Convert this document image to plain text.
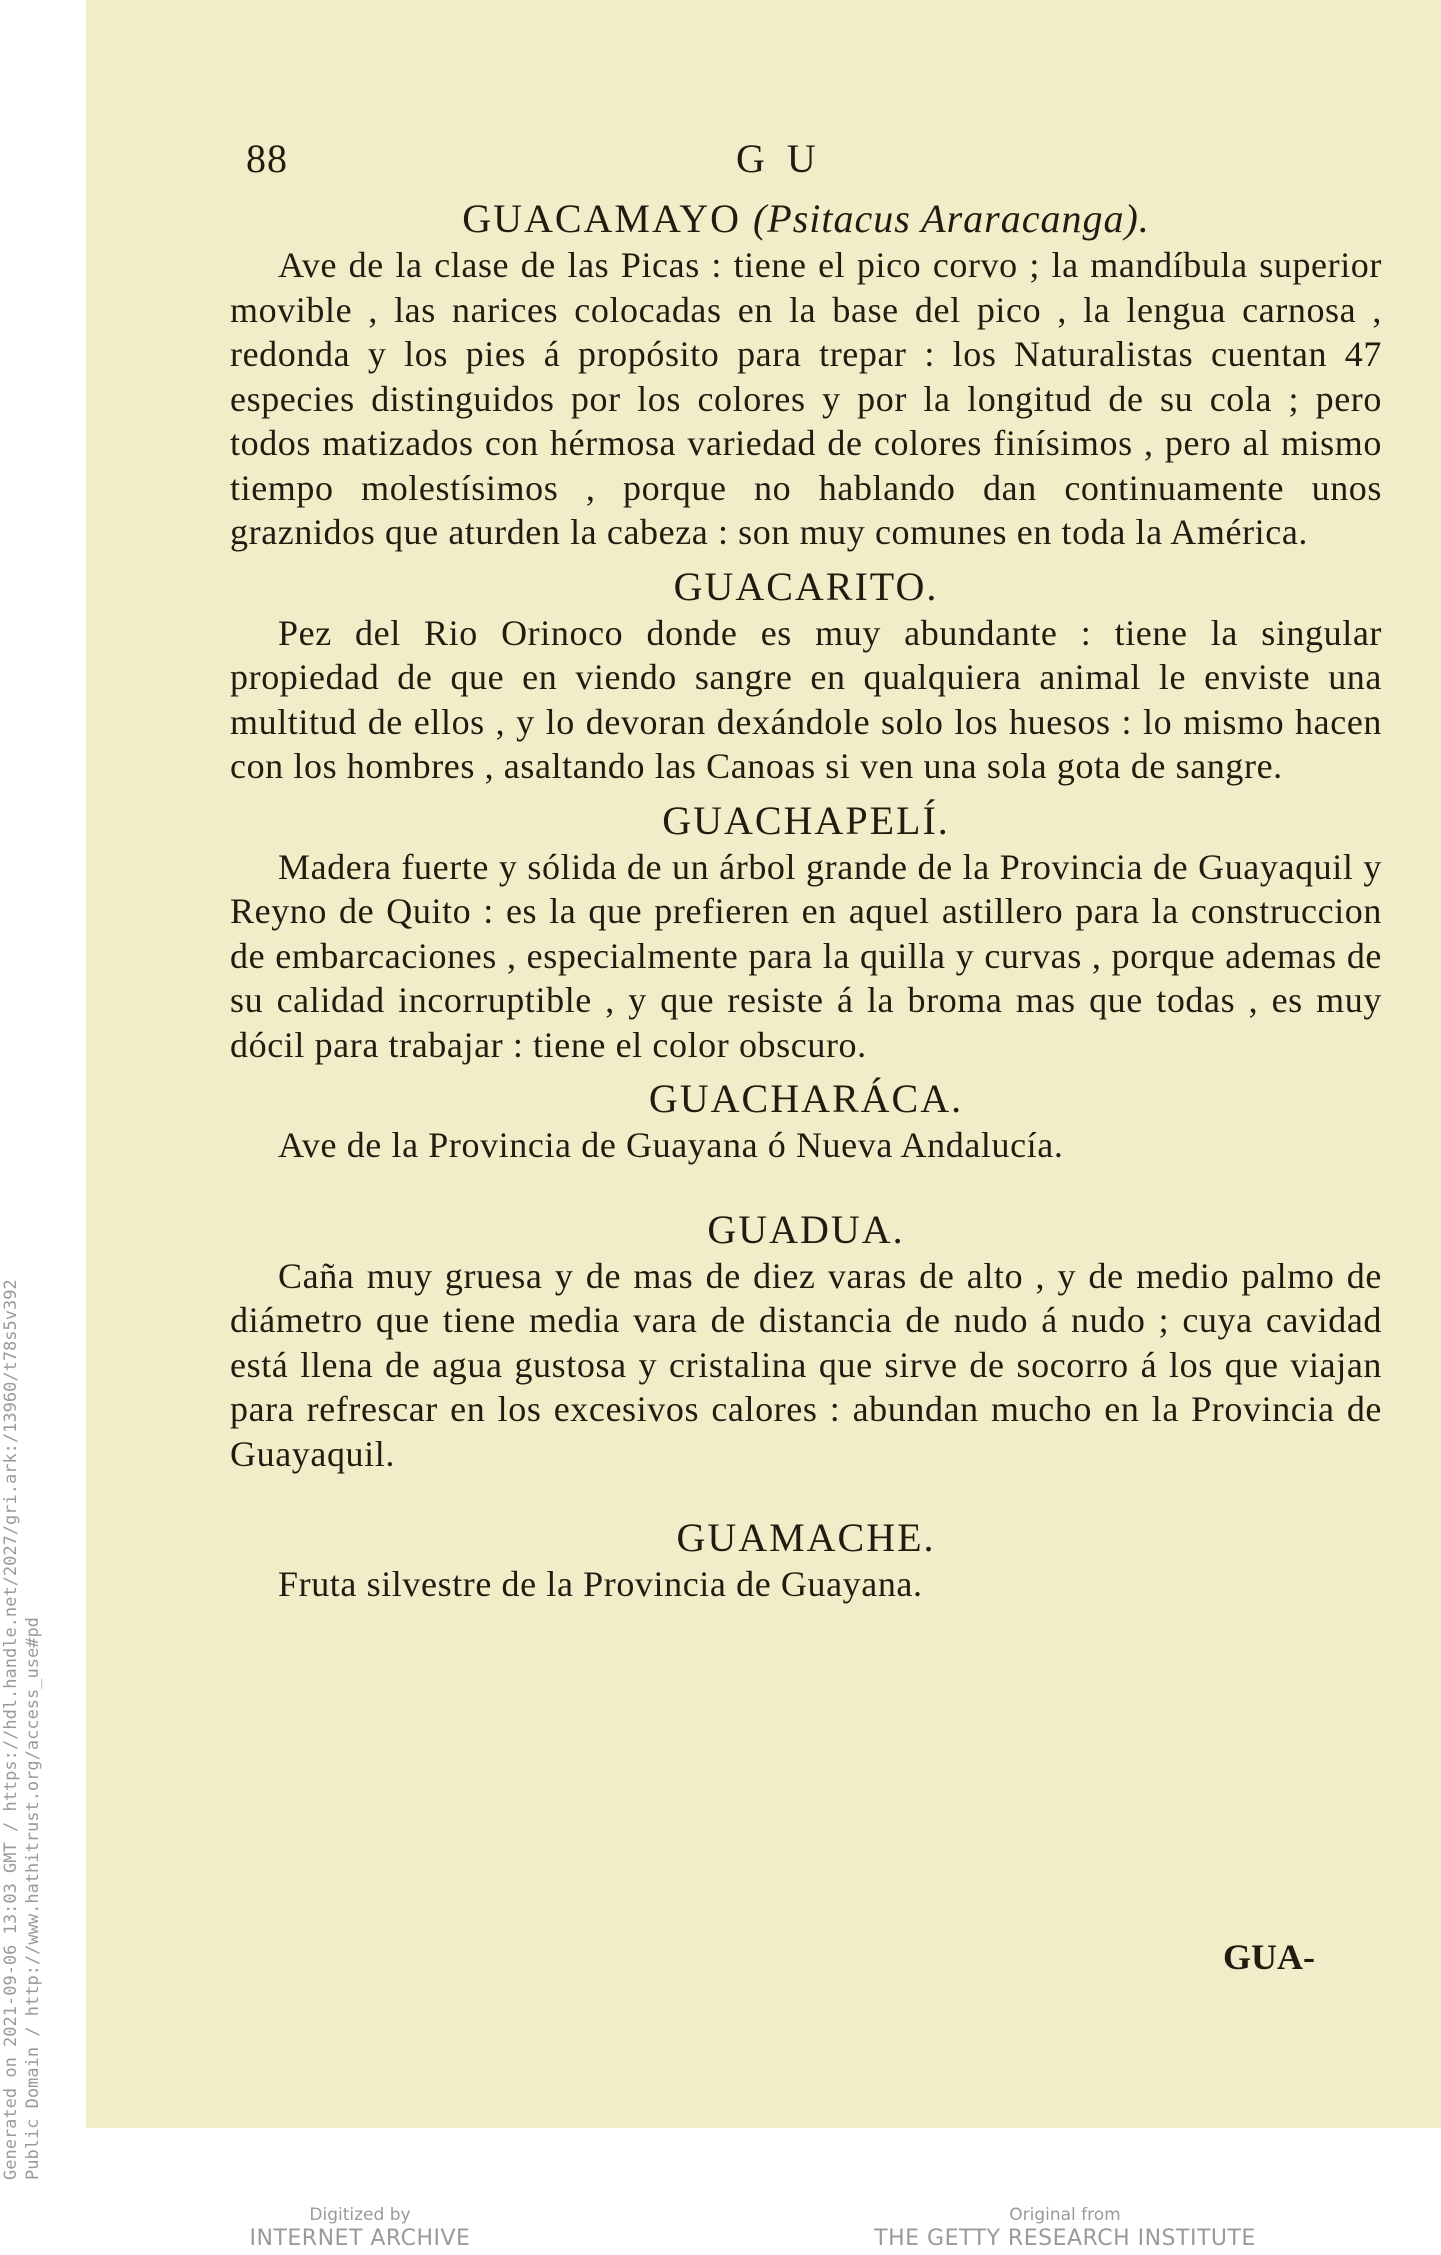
Generated on 2021-09-06 13:03 GMT / https://hdl.handle.net/2027/gri.ark:/13960/t78s5v392 Public Domain / http://www.hathitrust.org/access_use#pd
88	G U

GUACAMAYO (Psitacus Araracanga).

Ave de la clase de las Picas : tiene el pico corvo ; la mandíbula superior movible , las narices colocadas en la base del pico , la lengua carnosa , redonda y los pies á propósito para trepar : los Naturalistas cuentan 47 especies distinguidos por los colores y por la longitud de su cola ; pero todos matizados con hérmosa variedad de colores finísimos , pero al mismo tiempo molestísimos , porque no hablando dan continuamente unos graznidos que aturden la cabeza : son muy comunes en toda la América.

GUACARITO.

Pez del Rio Orinoco donde es muy abundante : tiene la singular propiedad de que en viendo sangre en qualquiera animal le enviste una multitud de ellos , y lo devoran dexándole solo los huesos : lo mismo hacen con los hombres , asaltando las Canoas si ven una sola gota de sangre.

GUACHAPELÍ.

Madera fuerte y sólida de un árbol grande de la Provincia de Guayaquil y Reyno de Quito : es la que prefieren en aquel astillero para la construccion de embarcaciones , especialmente para la quilla y curvas , porque ademas de su calidad incorruptible , y que resiste á la broma mas que todas , es muy dócil para trabajar : tiene el color obscuro.

GUACHARÁCA.

Ave de la Provincia de Guayana ó Nueva Andalucía.

GUADUA.

Caña muy gruesa y de mas de diez varas de alto , y de medio palmo de diámetro que tiene media vara de distancia de nudo á nudo ; cuya cavidad está llena de agua gustosa y cristalina que sirve de socorro á los que viajan para refrescar en los excesivos calores : abundan mucho en la Provincia de Guayaquil.

GUAMACHE.

Fruta silvestre de la Provincia de Guayana.

GUA-
Digitized by
INTERNET ARCHIVE
Original from
THE GETTY RESEARCH INSTITUTE
